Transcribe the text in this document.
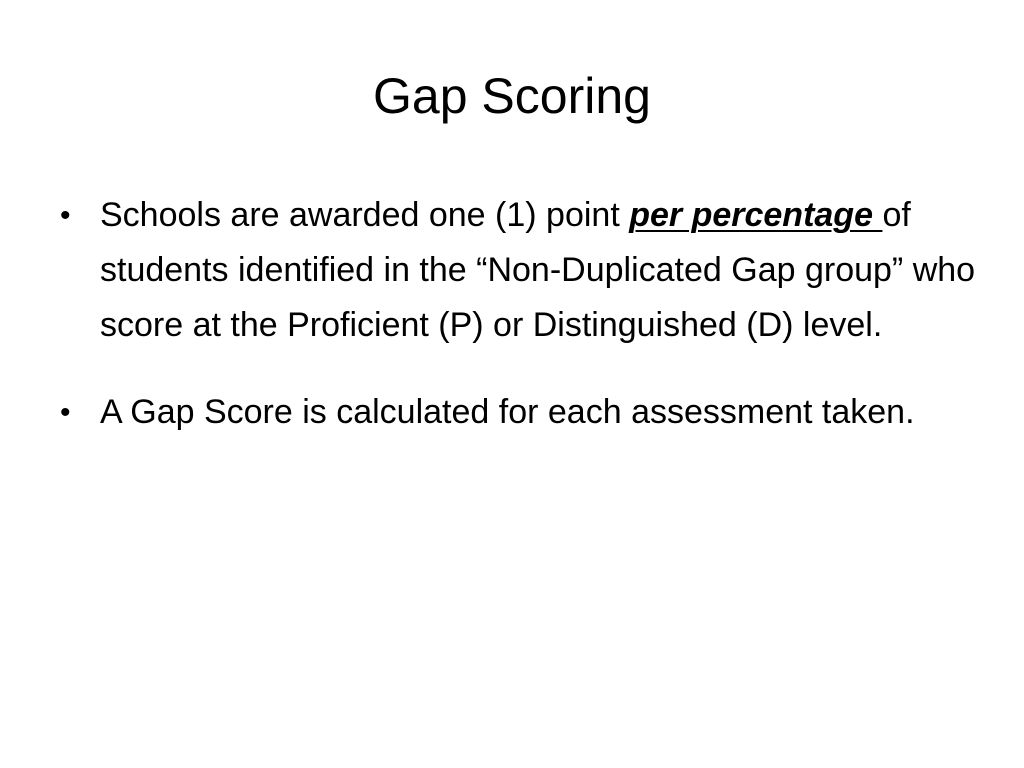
Gap Scoring
• Schools are awarded one (1) point per percentage of students identified in the “Non-Duplicated Gap group” who score at the Proficient (P) or Distinguished (D) level.
• A Gap Score is calculated for each assessment taken.
